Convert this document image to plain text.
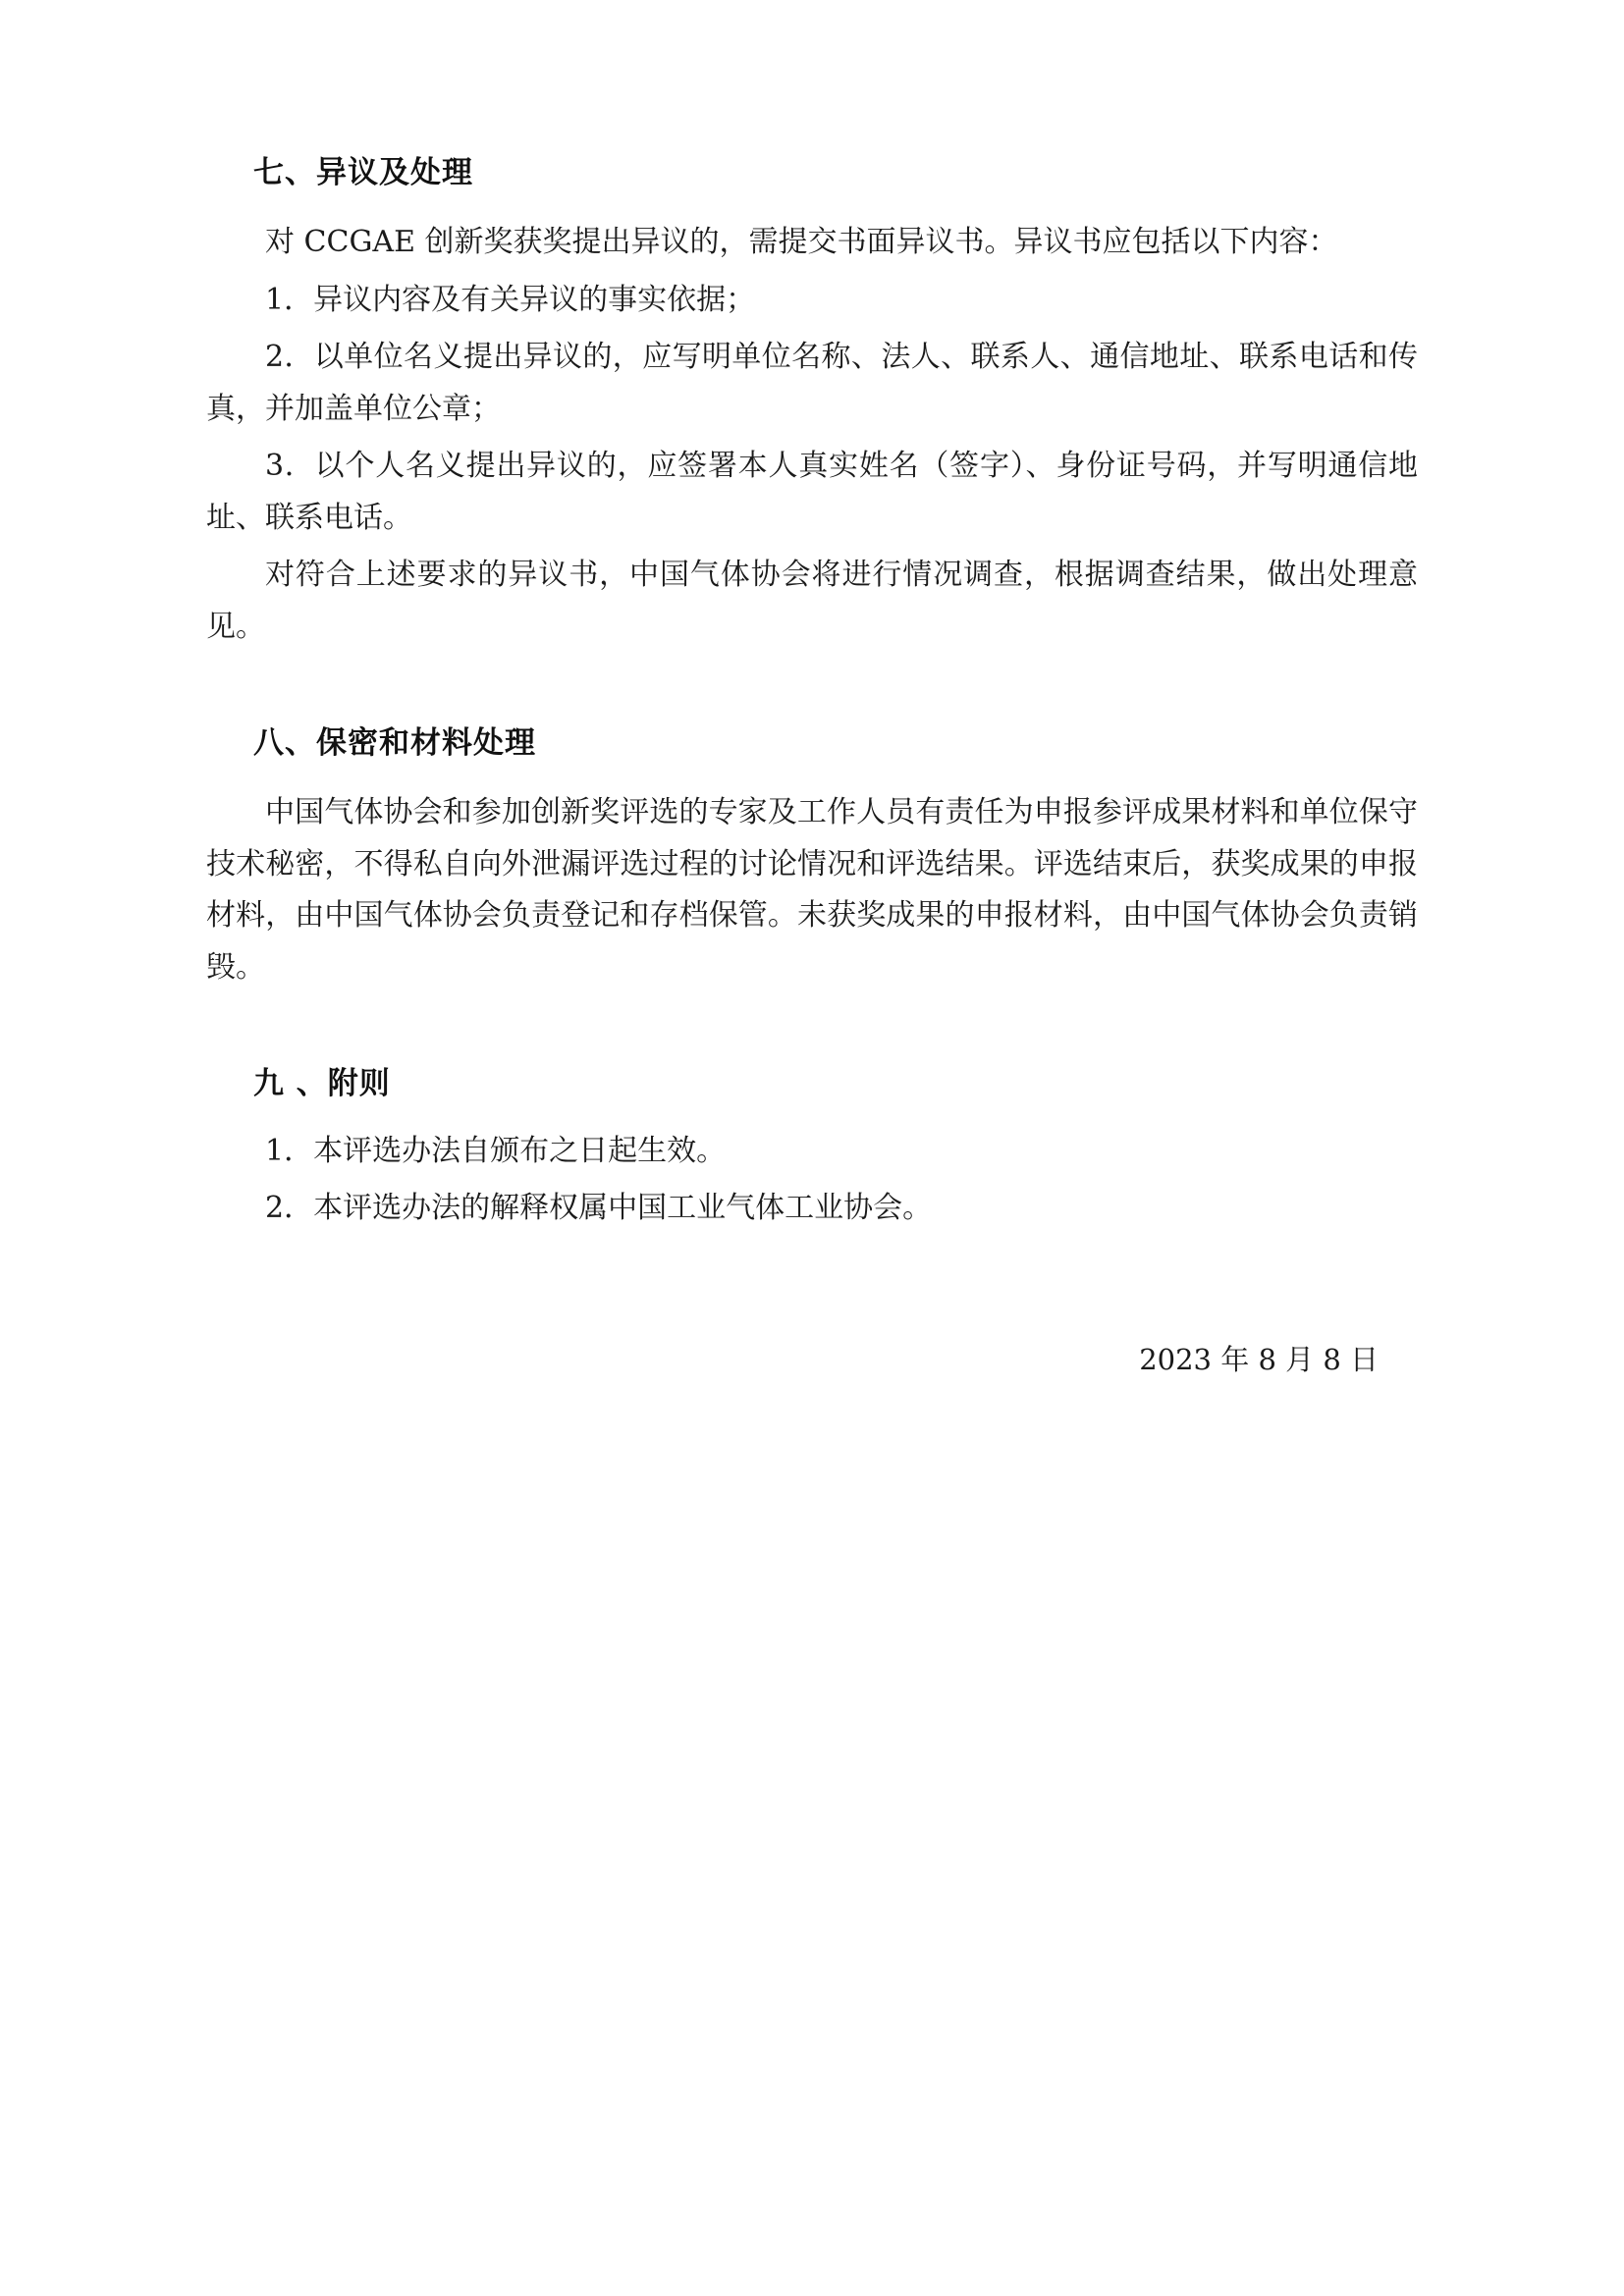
七、异议及处理

对 CCGAE 创新奖获奖提出异议的，需提交书面异议书。异议书应包括以下内容：

1．异议内容及有关异议的事实依据；

2．以单位名义提出异议的，应写明单位名称、法人、联系人、通信地址、联系电话和传真，并加盖单位公章；

3．以个人名义提出异议的，应签署本人真实姓名（签字）、身份证号码，并写明通信地址、联系电话。

对符合上述要求的异议书，中国气体协会将进行情况调查，根据调查结果，做出处理意见。

八、保密和材料处理

中国气体协会和参加创新奖评选的专家及工作人员有责任为申报参评成果材料和单位保守技术秘密，不得私自向外泄漏评选过程的讨论情况和评选结果。评选结束后，获奖成果的申报材料，由中国气体协会负责登记和存档保管。未获奖成果的申报材料，由中国气体协会负责销毁。

九 、附则

1．本评选办法自颁布之日起生效。

2．本评选办法的解释权属中国工业气体工业协会。

2023 年 8 月 8 日
